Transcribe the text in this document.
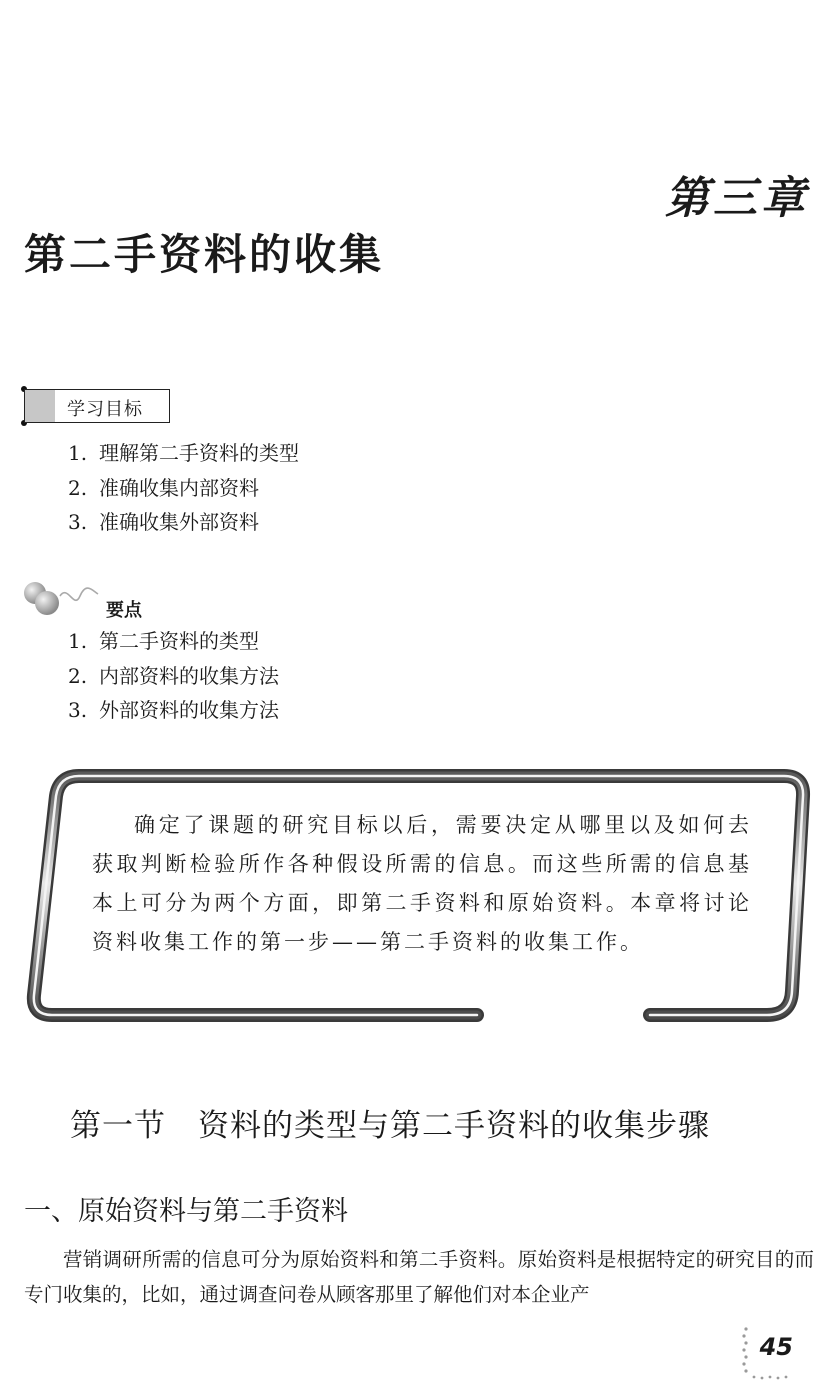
第三章
第二手资料的收集
学习目标
1. 理解第二手资料的类型
2. 准确收集内部资料
3. 准确收集外部资料
要点
1. 第二手资料的类型
2. 内部资料的收集方法
3. 外部资料的收集方法
确定了课题的研究目标以后，需要决定从哪里以及如何去获取判断检验所作各种假设所需的信息。而这些所需的信息基本上可分为两个方面，即第二手资料和原始资料。本章将讨论资料收集工作的第一步——第二手资料的收集工作。
第一节　资料的类型与第二手资料的收集步骤
一、原始资料与第二手资料
营销调研所需的信息可分为原始资料和第二手资料。原始资料是根据特定的研究目的而专门收集的，比如，通过调查问卷从顾客那里了解他们对本企业产
45
